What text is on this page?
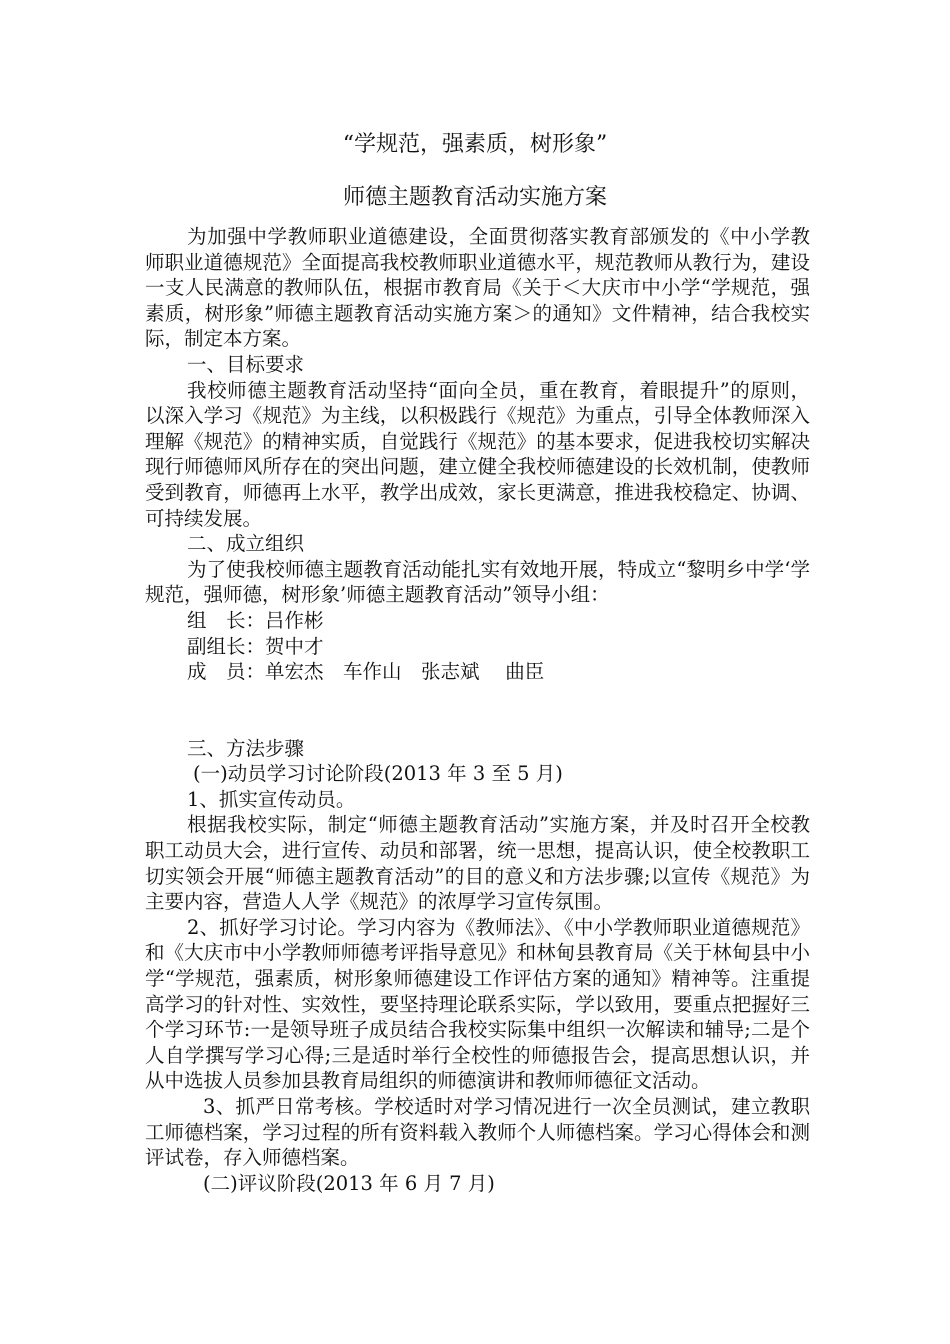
“学规范，强素质，树形象”
师德主题教育活动实施方案

为加强中学教师职业道德建设，全面贯彻落实教育部颁发的《中小学教师职业道德规范》全面提高我校教师职业道德水平，规范教师从教行为，建设一支人民满意的教师队伍，根据市教育局《关于＜大庆市中小学“学规范，强素质，树形象”师德主题教育活动实施方案＞的通知》文件精神，结合我校实际，制定本方案。

一、目标要求

我校师德主题教育活动坚持“面向全员，重在教育，着眼提升”的原则，以深入学习《规范》为主线，以积极践行《规范》为重点，引导全体教师深入理解《规范》的精神实质，自觉践行《规范》的基本要求，促进我校切实解决现行师德师风所存在的突出问题，建立健全我校师德建设的长效机制，使教师受到教育，师德再上水平，教学出成效，家长更满意，推进我校稳定、协调、可持续发展。

二、成立组织

为了使我校师德主题教育活动能扎实有效地开展，特成立“黎明乡中学‘学规范，强师德，树形象’师德主题教育活动”领导小组：

组　长：吕作彬

副组长：贺中才

成　员：单宏杰　车作山　张志斌　 曲臣

三、方法步骤

(一)动员学习讨论阶段(2013 年 3 至 5 月)

1、抓实宣传动员。

根据我校实际，制定“师德主题教育活动”实施方案，并及时召开全校教职工动员大会，进行宣传、动员和部署，统一思想，提高认识，使全校教职工切实领会开展“师德主题教育活动”的目的意义和方法步骤;以宣传《规范》为主要内容，营造人人学《规范》的浓厚学习宣传氛围。

2、抓好学习讨论。学习内容为《教师法》、《中小学教师职业道德规范》和《大庆市中小学教师师德考评指导意见》和林甸县教育局《关于林甸县中小学“学规范，强素质，树形象师德建设工作评估方案的通知》精神等。注重提高学习的针对性、实效性，要坚持理论联系实际，学以致用，要重点把握好三个学习环节:一是领导班子成员结合我校实际集中组织一次解读和辅导;二是个人自学撰写学习心得;三是适时举行全校性的师德报告会，提高思想认识，并从中选拔人员参加县教育局组织的师德演讲和教师师德征文活动。

3、抓严日常考核。学校适时对学习情况进行一次全员测试，建立教职工师德档案，学习过程的所有资料载入教师个人师德档案。学习心得体会和测评试卷，存入师德档案。

(二)评议阶段(2013 年 6 月 7 月)
